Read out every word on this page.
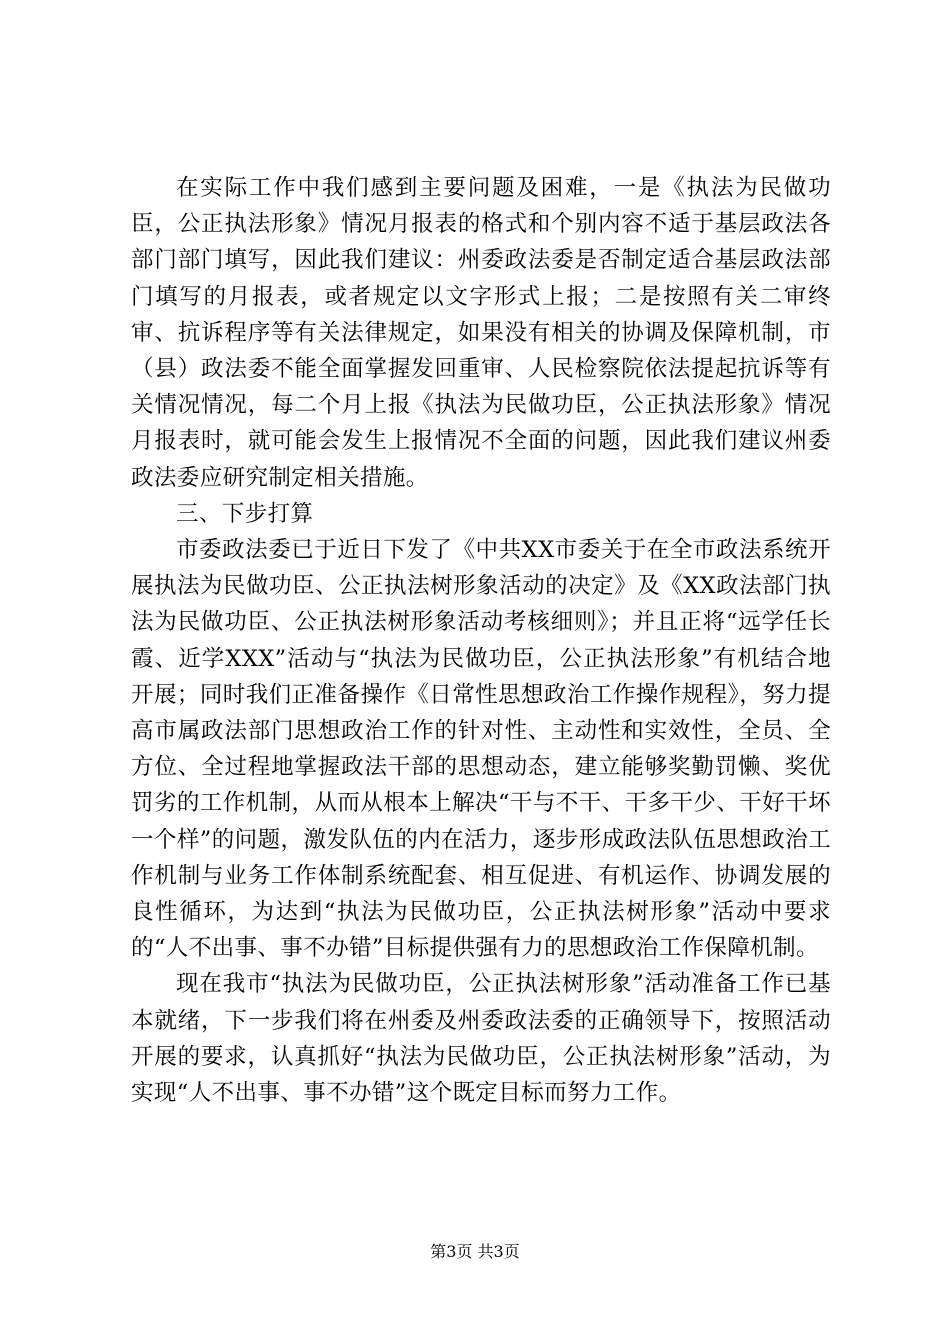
在实际工作中我们感到主要问题及困难，一是《执法为民做功臣，公正执法形象》情况月报表的格式和个别内容不适于基层政法各部门部门填写，因此我们建议：州委政法委是否制定适合基层政法部门填写的月报表，或者规定以文字形式上报；二是按照有关二审终审、抗诉程序等有关法律规定，如果没有相关的协调及保障机制，市（县）政法委不能全面掌握发回重审、人民检察院依法提起抗诉等有关情况情况，每二个月上报《执法为民做功臣，公正执法形象》情况月报表时，就可能会发生上报情况不全面的问题，因此我们建议州委政法委应研究制定相关措施。

三、下步打算

市委政法委已于近日下发了《中共XX市委关于在全市政法系统开展执法为民做功臣、公正执法树形象活动的决定》及《XX政法部门执法为民做功臣、公正执法树形象活动考核细则》；并且正将“远学任长霞、近学XXX”活动与“执法为民做功臣，公正执法形象”有机结合地开展；同时我们正准备操作《日常性思想政治工作操作规程》，努力提高市属政法部门思想政治工作的针对性、主动性和实效性，全员、全方位、全过程地掌握政法干部的思想动态，建立能够奖勤罚懒、奖优罚劣的工作机制，从而从根本上解决“干与不干、干多干少、干好干坏一个样”的问题，激发队伍的内在活力，逐步形成政法队伍思想政治工作机制与业务工作体制系统配套、相互促进、有机运作、协调发展的良性循环，为达到“执法为民做功臣，公正执法树形象”活动中要求的“人不出事、事不办错”目标提供强有力的思想政治工作保障机制。

现在我市“执法为民做功臣，公正执法树形象”活动准备工作已基本就绪，下一步我们将在州委及州委政法委的正确领导下，按照活动开展的要求，认真抓好“执法为民做功臣，公正执法树形象”活动，为实现“人不出事、事不办错”这个既定目标而努力工作。

第3页 共3页
